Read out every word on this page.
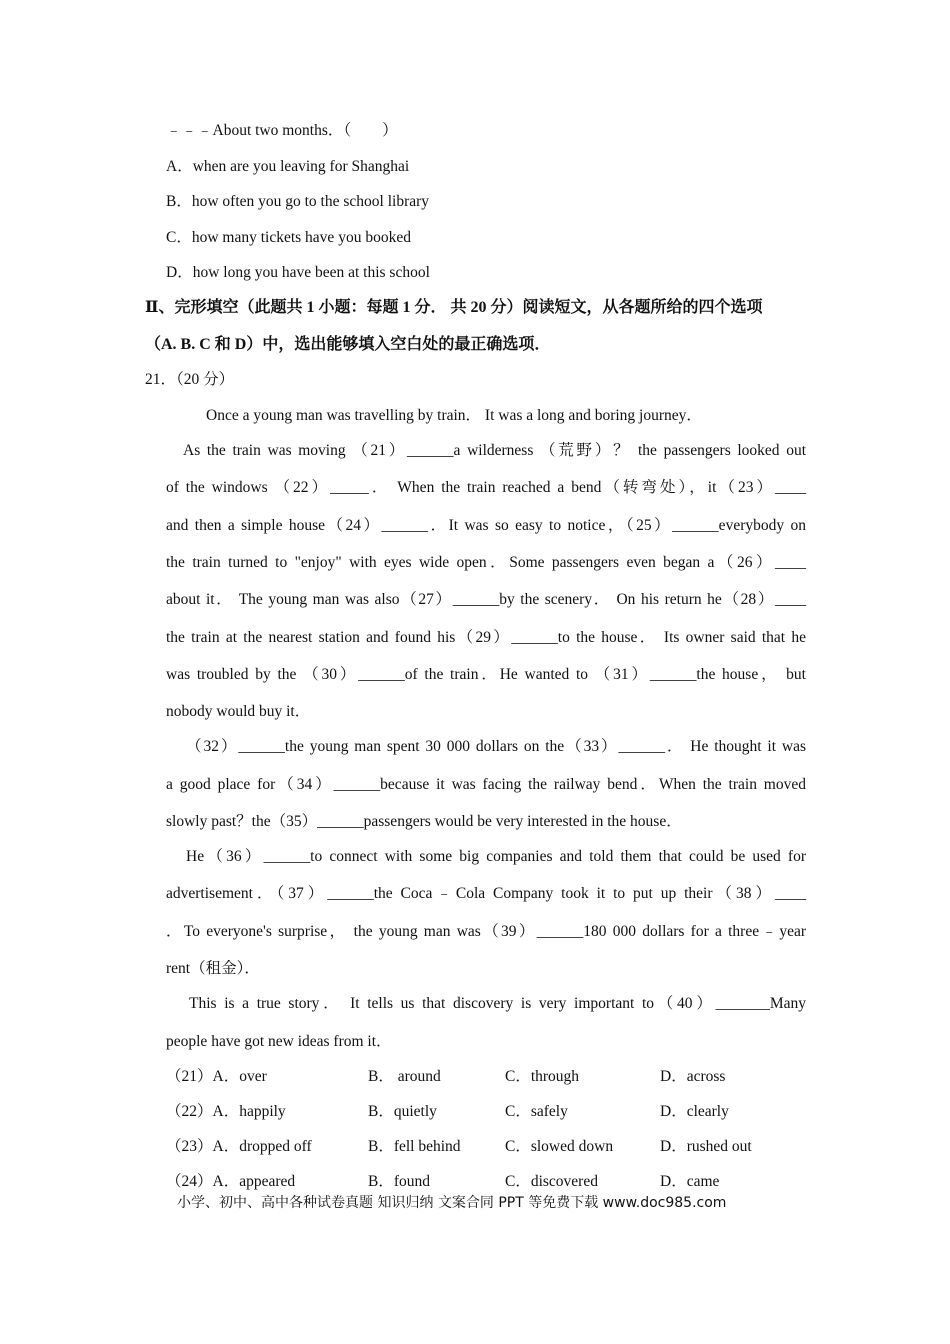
﹣﹣﹣About two months．（　　）
A．when are you leaving for Shanghai
B．how often you go to the school library
C．how many tickets have you booked
D．how long you have been at this school
Ⅱ、完形填空（此题共 1 小题：每题 1 分． 共 20 分）阅读短文，从各题所给的四个选项
（A. B. C 和 D）中，选出能够填入空白处的最正确选项．
21．（20 分）
Once a young man was travelling by train． It was a long and boring journey．
As the train was moving （21）______a wilderness （荒野）？ the passengers looked out
of the windows （22）_____． When the train reached a bend（转弯处），it（23）____
and then a simple house（24）______．It was so easy to notice，（25）______everybody on
the train turned to "enjoy" with eyes wide open．Some passengers even began a（26）____
about it． The young man was also（27）______by the scenery． On his return he（28）____
the train at the nearest station and found his（29）______to the house． Its owner said that he
was troubled by the （30）______of the train．He wanted to （31）______the house， but
nobody would buy it．
（32）______the young man spent 30 000 dollars on the（33）______． He thought it was
a good place for（34）______because it was facing the railway bend．When the train moved
slowly past？the（35）______passengers would be very interested in the house．
He（36）______to connect with some big companies and told them that could be used for
advertisement．（37）______the Coca﹣Cola Company took it to put up their（38）____
．To everyone's surprise， the young man was（39）______180 000 dollars for a three﹣year
rent（租金）．
This is a true story． It tells us that discovery is very important to（40）_______Many
people have got new ideas from it．
（21）A．over	B． around	C．through	D．across
（22）A．happily	B．quietly	C．safely	D．clearly
（23）A．dropped off	B．fell behind	C．slowed down	D．rushed out
（24）A．appeared	B．found	C．discovered	D．came
小学、初中、高中各种试卷真题 知识归纳 文案合同 PPT 等免费下载 www.doc985.com
